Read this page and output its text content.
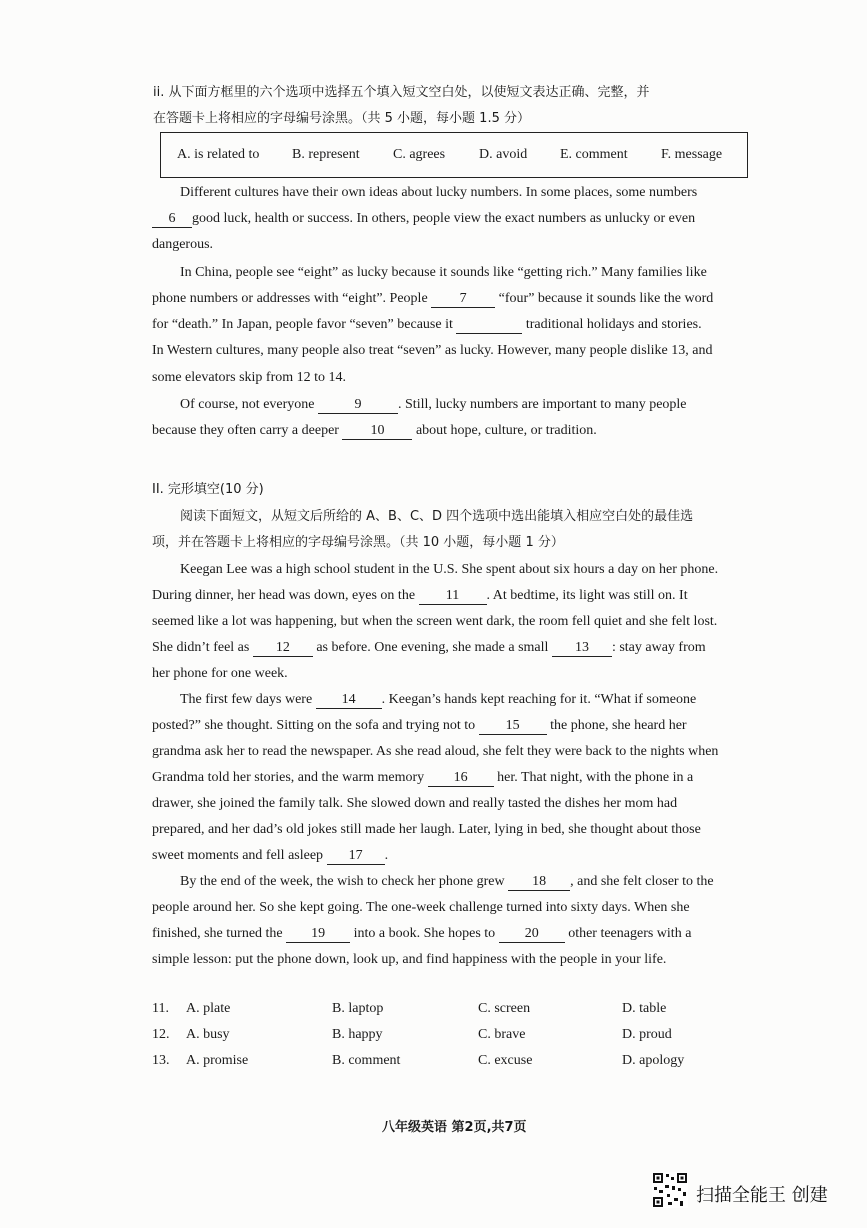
ii. 从下面方框里的六个选项中选择五个填入短文空白处，以使短文表达正确、完整，并
在答题卡上将相应的字母编号涂黑。（共 5 小题，每小题 1.5 分）
A. is related to B. represent C. agrees D. avoid E. comment F. message
Different cultures have their own ideas about lucky numbers. In some places, some numbers
6 good luck, health or success. In others, people view the exact numbers as unlucky or even
dangerous.
In China, people see “eight” as lucky because it sounds like “getting rich.” Many families like
phone numbers or addresses with “eight”. People 7 “four” because it sounds like the word
for “death.” In Japan, people favor “seven” because it 8 traditional holidays and stories.
In Western cultures, many people also treat “seven” as lucky. However, many people dislike 13, and
some elevators skip from 12 to 14.
Of course, not everyone	9	. Still, lucky numbers are important to many people
because they often carry a deeper 10 about hope, culture, or tradition.
II. 完形填空(10 分)
阅读下面短文，从短文后所给的 A、B、C、D 四个选项中选出能填入相应空白处的最佳选
项，并在答题卡上将相应的字母编号涂黑。（共 10 小题，每小题 1 分）
Keegan Lee was a high school student in the U.S. She spent about six hours a day on her phone.
During dinner, her head was down, eyes on the 11 . At bedtime, its light was still on. It
seemed like a lot was happening, but when the screen went dark, the room fell quiet and she felt lost.
She didn’t feel as 12 as before. One evening, she made a small 13 : stay away from
her phone for one week.
The first few days were 14 . Keegan’s hands kept reaching for it. “What if someone
posted?” she thought. Sitting on the sofa and trying not to 15 the phone, she heard her
grandma ask her to read the newspaper. As she read aloud, she felt they were back to the nights when
Grandma told her stories, and the warm memory 16 her. That night, with the phone in a
drawer, she joined the family talk. She slowed down and really tasted the dishes her mom had
prepared, and her dad’s old jokes still made her laugh. Later, lying in bed, she thought about those
sweet moments and fell asleep 17 .
By the end of the week, the wish to check her phone grew 18 , and she felt closer to the
people around her. So she kept going. The one-week challenge turned into sixty days. When she
finished, she turned the 19 into a book. She hopes to 20 other teenagers with a
simple lesson: put the phone down, look up, and find happiness with the people in your life.
11. A. plate	B. laptop	C. screen	D. table
12. A. busy	B. happy	C. brave	D. proud
13. A. promise	B. comment	C. excuse	D. apology
八年级英语 第2页,共7页
扫描全能王 创建
